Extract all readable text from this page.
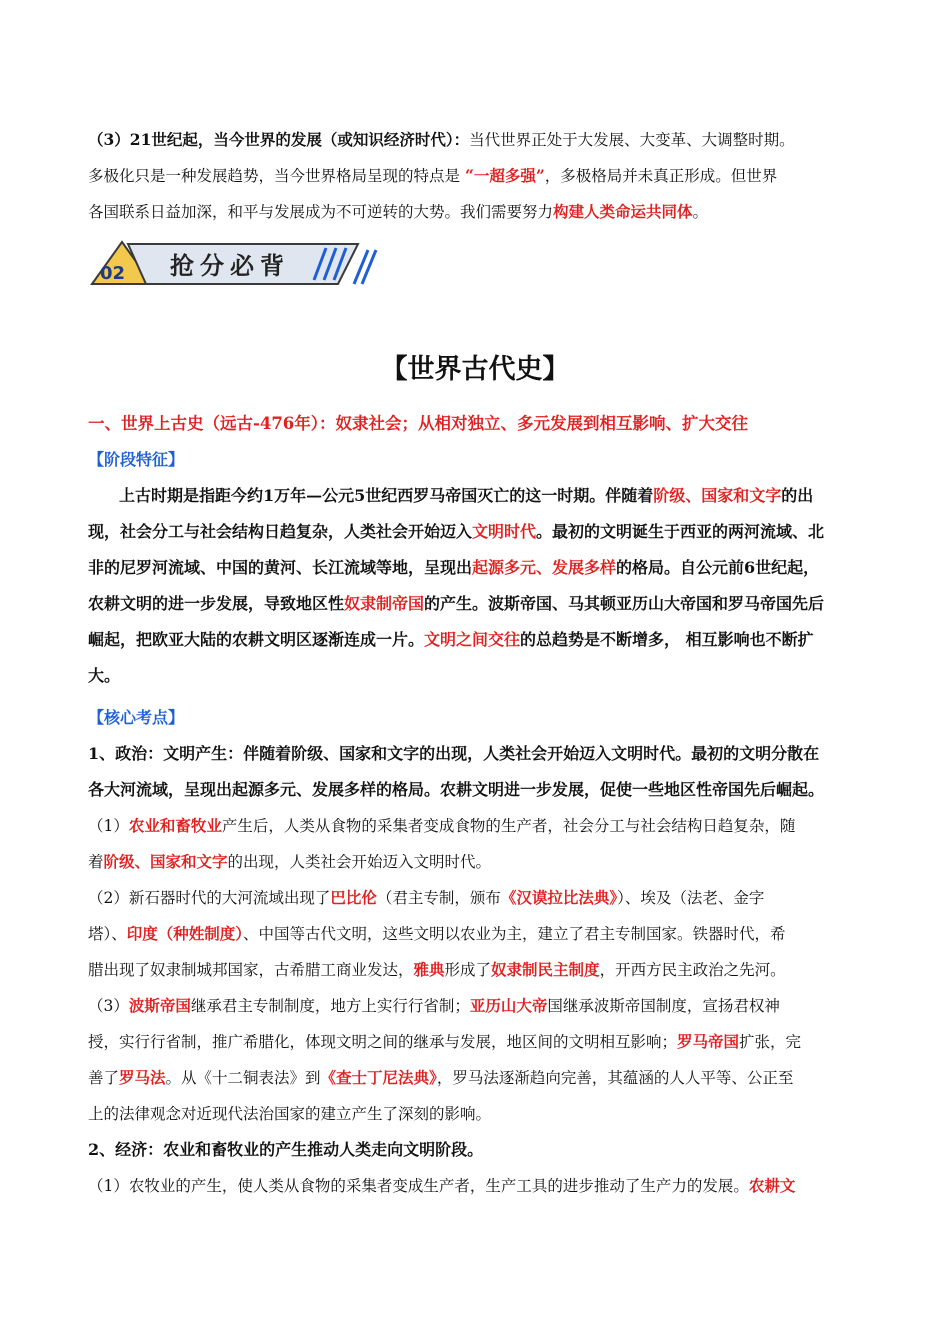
（3）21世纪起，当今世界的发展（或知识经济时代）：当代世界正处于大发展、大变革、大调整时期。
多极化只是一种发展趋势，当今世界格局呈现的特点是 “一超多强”，多极格局并未真正形成。但世界
各国联系日益加深，和平与发展成为不可逆转的大势。我们需要努力构建人类命运共同体。
02 抢分必背
【世界古代史】
一、世界上古史（远古-476年）：奴隶社会；从相对独立、多元发展到相互影响、扩大交往
【阶段特征】
上古时期是指距今约1万年—公元5世纪西罗马帝国灭亡的这一时期。伴随着阶级、国家和文字的出
现，社会分工与社会结构日趋复杂，人类社会开始迈入文明时代。最初的文明诞生于西亚的两河流域、北
非的尼罗河流域、中国的黄河、长江流域等地，呈现出起源多元、发展多样的格局。自公元前6世纪起，
农耕文明的进一步发展，导致地区性奴隶制帝国的产生。波斯帝国、马其顿亚历山大帝国和罗马帝国先后
崛起，把欧亚大陆的农耕文明区逐渐连成一片。文明之间交往的总趋势是不断增多， 相互影响也不断扩
大。
【核心考点】
1、政治：文明产生：伴随着阶级、国家和文字的出现，人类社会开始迈入文明时代。最初的文明分散在
各大河流域，呈现出起源多元、发展多样的格局。农耕文明进一步发展，促使一些地区性帝国先后崛起。
（1）农业和畜牧业产生后，人类从食物的采集者变成食物的生产者，社会分工与社会结构日趋复杂，随
着阶级、国家和文字的出现，人类社会开始迈入文明时代。
（2）新石器时代的大河流域出现了巴比伦（君主专制，颁布《汉谟拉比法典》）、埃及（法老、金字
塔）、印度（种姓制度）、中国等古代文明，这些文明以农业为主，建立了君主专制国家。铁器时代，希
腊出现了奴隶制城邦国家，古希腊工商业发达，雅典形成了奴隶制民主制度，开西方民主政治之先河。
（3）波斯帝国继承君主专制制度，地方上实行行省制；亚历山大帝国继承波斯帝国制度，宣扬君权神
授，实行行省制，推广希腊化，体现文明之间的继承与发展，地区间的文明相互影响；罗马帝国扩张，完
善了罗马法。从《十二铜表法》到《查士丁尼法典》，罗马法逐渐趋向完善，其蕴涵的人人平等、公正至
上的法律观念对近现代法治国家的建立产生了深刻的影响。
2、经济：农业和畜牧业的产生推动人类走向文明阶段。
（1）农牧业的产生，使人类从食物的采集者变成生产者，生产工具的进步推动了生产力的发展。农耕文
